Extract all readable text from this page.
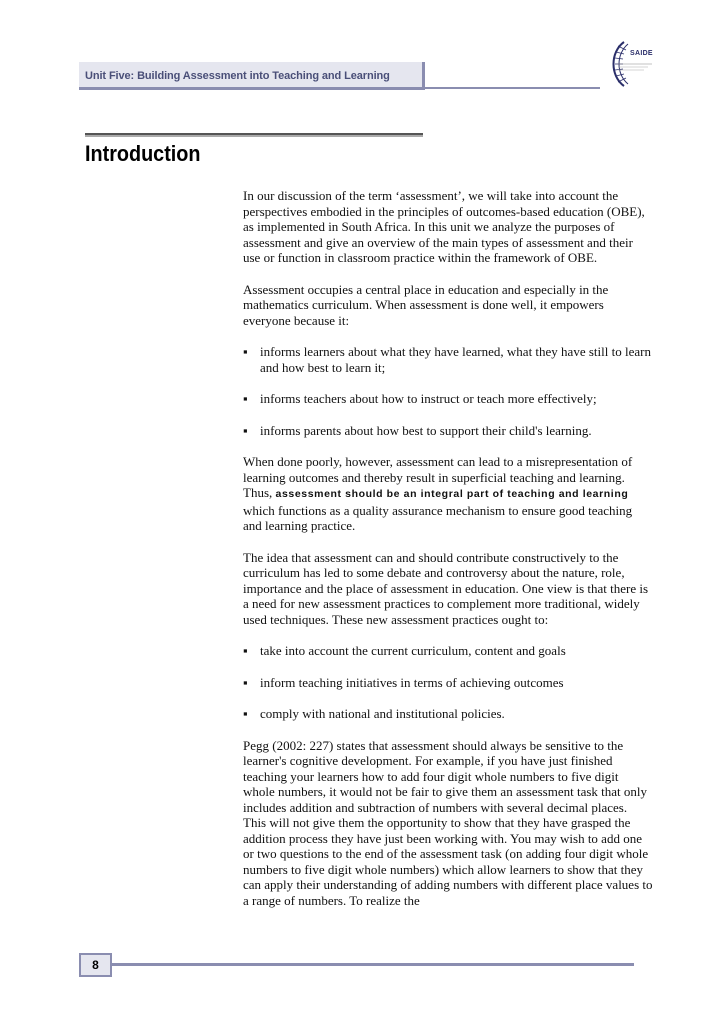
Unit Five: Building Assessment into Teaching and Learning
SAIDE
Introduction

In our discussion of the term ‘assessment’, we will take into account the perspectives embodied in the principles of outcomes-based education (OBE), as implemented in South Africa. In this unit we analyze the purposes of assessment and give an overview of the main types of assessment and their use or function in classroom practice within the framework of OBE.

Assessment occupies a central place in education and especially in the mathematics curriculum. When assessment is done well, it empowers everyone because it:

▪ informs learners about what they have learned, what they have still to learn and how best to learn it;
▪ informs teachers about how to instruct or teach more effectively;
▪ informs parents about how best to support their child's learning.

When done poorly, however, assessment can lead to a misrepresentation of learning outcomes and thereby result in superficial teaching and learning. Thus, assessment should be an integral part of teaching and learning which functions as a quality assurance mechanism to ensure good teaching and learning practice.

The idea that assessment can and should contribute constructively to the curriculum has led to some debate and controversy about the nature, role, importance and the place of assessment in education. One view is that there is a need for new assessment practices to complement more traditional, widely used techniques. These new assessment practices ought to:

▪ take into account the current curriculum, content and goals
▪ inform teaching initiatives in terms of achieving outcomes
▪ comply with national and institutional policies.

Pegg (2002: 227) states that assessment should always be sensitive to the learner's cognitive development. For example, if you have just finished teaching your learners how to add four digit whole numbers to five digit whole numbers, it would not be fair to give them an assessment task that only includes addition and subtraction of numbers with several decimal places. This will not give them the opportunity to show that they have grasped the addition process they have just been working with. You may wish to add one or two questions to the end of the assessment task (on adding four digit whole numbers to five digit whole numbers) which allow learners to show that they can apply their understanding of adding numbers with different place values to a range of numbers. To realize the

8
